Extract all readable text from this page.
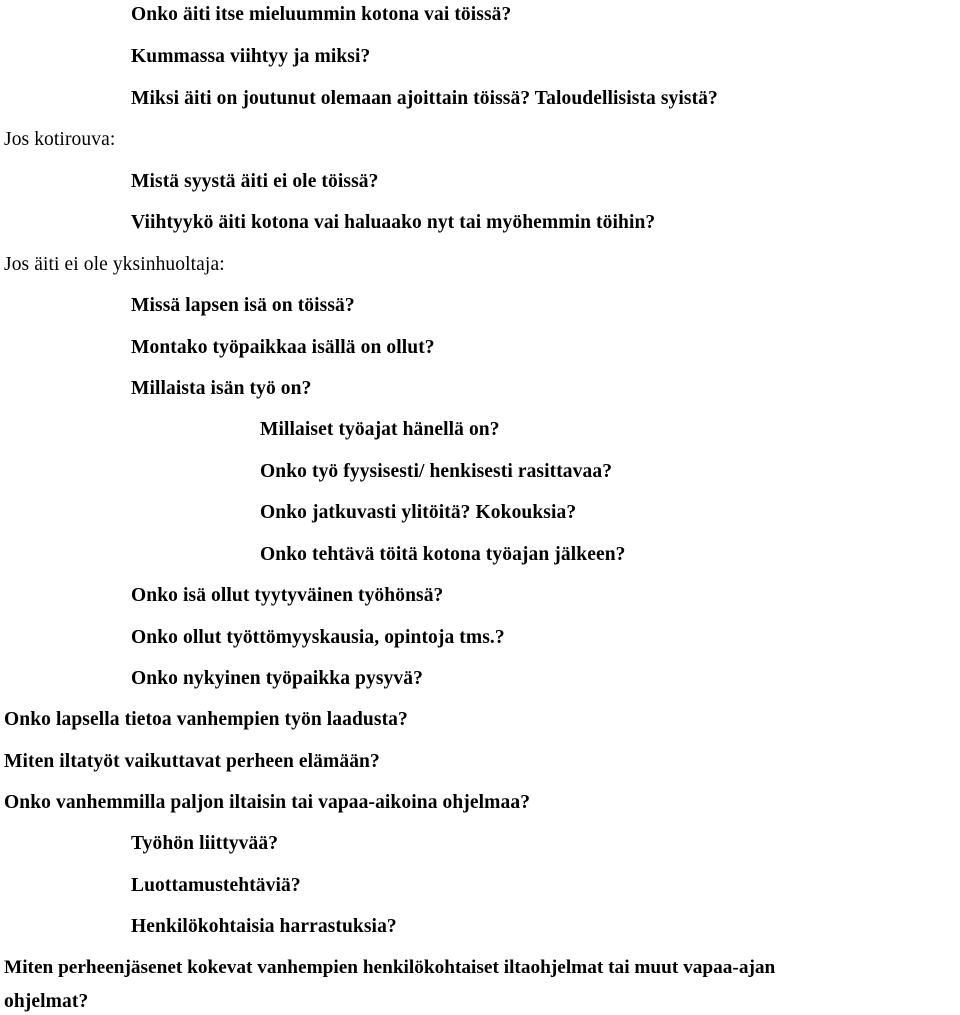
Onko äiti itse mieluummin kotona vai töissä?
Kummassa viihtyy ja miksi?
Miksi äiti on joutunut olemaan ajoittain töissä? Taloudellisista syistä?
Jos kotirouva:
Mistä syystä äiti ei ole töissä?
Viihtyykö äiti kotona vai haluaako nyt tai myöhemmin töihin?
Jos äiti ei ole yksinhuoltaja:
Missä lapsen isä on töissä?
Montako työpaikkaa isällä on ollut?
Millaista isän työ on?
Millaiset työajat hänellä on?
Onko työ fyysisesti/ henkisesti rasittavaa?
Onko jatkuvasti ylitöitä? Kokouksia?
Onko tehtävä töitä kotona työajan jälkeen?
Onko isä ollut tyytyväinen työhönsä?
Onko ollut työttömyyskausia, opintoja tms.?
Onko nykyinen työpaikka pysyvä?
Onko lapsella tietoa vanhempien työn laadusta?
Miten iltatyöt vaikuttavat perheen elämään?
Onko vanhemmilla paljon iltaisin tai vapaa-aikoina ohjelmaa?
Työhön liittyvää?
Luottamustehtäviä?
Henkilökohtaisia harrastuksia?
Miten perheenjäsenet kokevat vanhempien henkilökohtaiset iltaohjelmat tai muut vapaa-ajan
ohjelmat?
